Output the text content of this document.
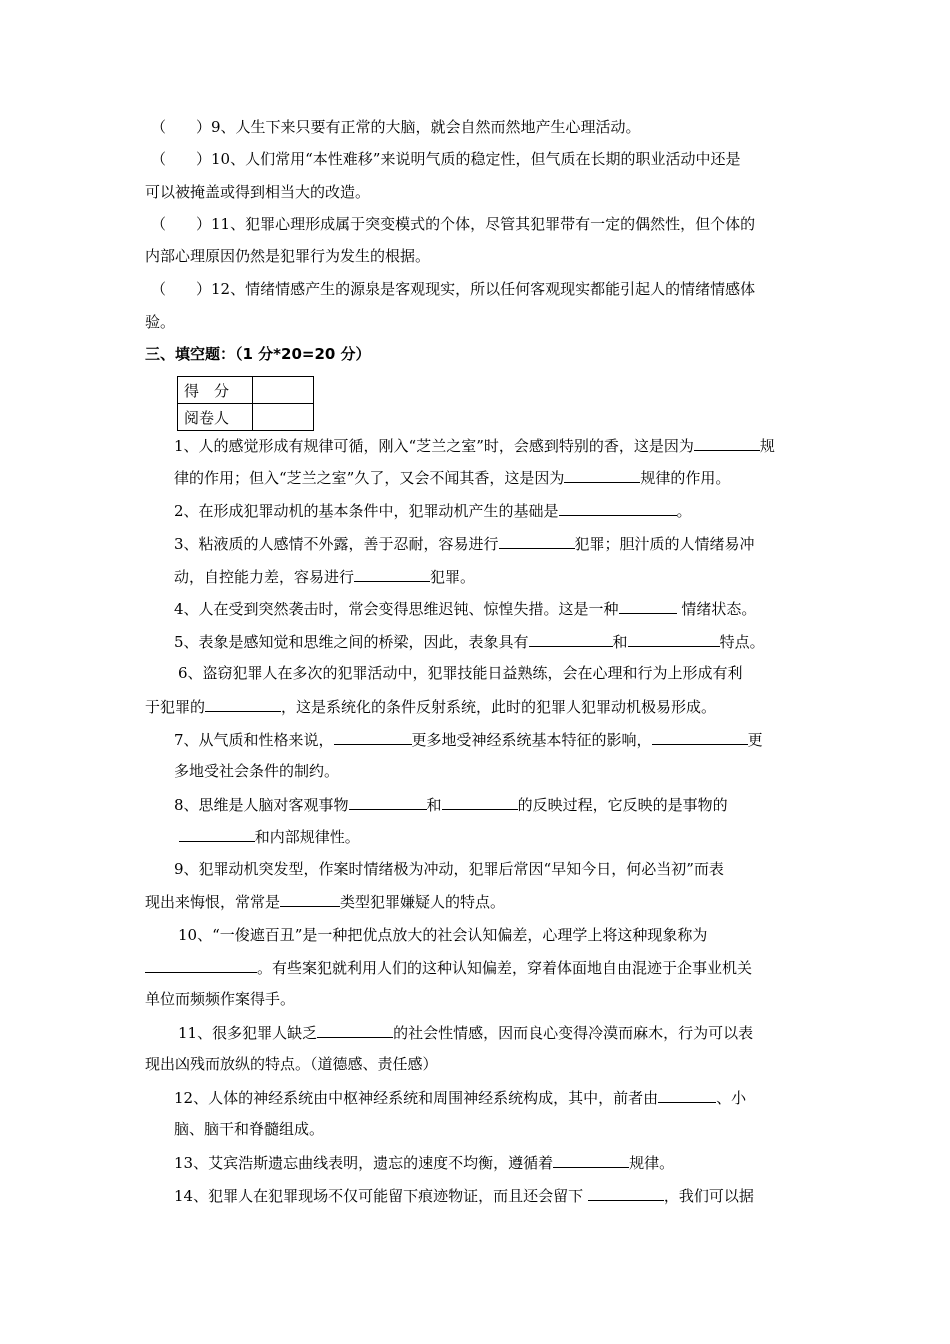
（　　）9、人生下来只要有正常的大脑，就会自然而然地产生心理活动。
（　　）10、人们常用“本性难移”来说明气质的稳定性，但气质在长期的职业活动中还是
可以被掩盖或得到相当大的改造。
（　　）11、犯罪心理形成属于突变模式的个体，尽管其犯罪带有一定的偶然性，但个体的
内部心理原因仍然是犯罪行为发生的根据。
（　　）12、情绪情感产生的源泉是客观现实，所以任何客观现实都能引起人的情绪情感体
验。
三、填空题：（1 分*20=20 分）
得　分	
阅卷人	
1、人的感觉形成有规律可循，刚入“芝兰之室”时，会感到特别的香，这是因为	规
律的作用；但入“芝兰之室”久了，又会不闻其香，这是因为	规律的作用。
2、在形成犯罪动机的基本条件中，犯罪动机产生的基础是	。
3、粘液质的人感情不外露，善于忍耐，容易进行	犯罪；胆汁质的人情绪易冲
动，自控能力差，容易进行	犯罪。
4、人在受到突然袭击时，常会变得思维迟钝、惊惶失措。这是一种	情绪状态。
5、表象是感知觉和思维之间的桥梁，因此，表象具有	和	特点。
6、盗窃犯罪人在多次的犯罪活动中，犯罪技能日益熟练，会在心理和行为上形成有利
于犯罪的	，这是系统化的条件反射系统，此时的犯罪人犯罪动机极易形成。
7、从气质和性格来说，	更多地受神经系统基本特征的影响，	更
多地受社会条件的制约。
8、思维是人脑对客观事物	和	的反映过程，它反映的是事物的
和内部规律性。
9、犯罪动机突发型，作案时情绪极为冲动，犯罪后常因“早知今日，何必当初”而表
现出来悔恨，常常是	类型犯罪嫌疑人的特点。
10、“一俊遮百丑”是一种把优点放大的社会认知偏差，心理学上将这种现象称为
。有些案犯就利用人们的这种认知偏差，穿着体面地自由混迹于企事业机关
单位而频频作案得手。
11、很多犯罪人缺乏	的社会性情感，因而良心变得冷漠而麻木，行为可以表
现出凶残而放纵的特点。（道德感、责任感）
12、人体的神经系统由中枢神经系统和周围神经系统构成，其中，前者由	、小
脑、脑干和脊髓组成。
13、艾宾浩斯遗忘曲线表明，遗忘的速度不均衡，遵循着	规律。
14、犯罪人在犯罪现场不仅可能留下痕迹物证，而且还会留下	，我们可以据
